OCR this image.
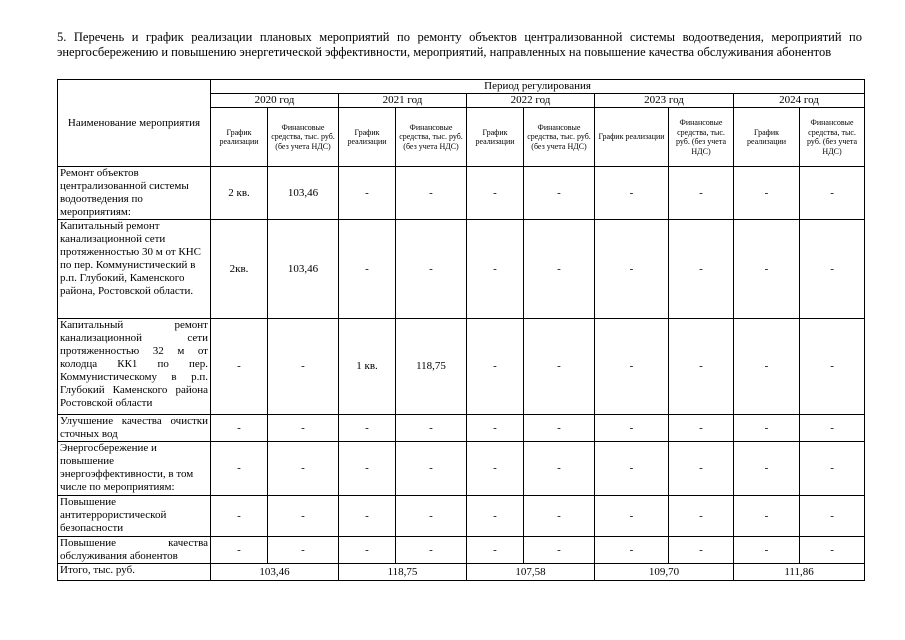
5. Перечень и график реализации плановых мероприятий по ремонту объектов централизованной системы водоотведения, мероприятий по энергосбережению и повышению энергетической эффективности, мероприятий, направленных на повышение качества обслуживания абонентов
Наименование мероприятия	Период регулирования									
	2020 год		2021 год		2022 год		2023 год		2024 год	
	График реализации	Финансовые средства, тыс. руб. (без учета НДС)	График реализации	Финансовые средства, тыс. руб. (без учета НДС)	График реализации	Финансовые средства, тыс. руб. (без учета НДС)	График реализации	Финансовые средства, тыс. руб. (без учета НДС)	График реализации	Финансовые средства, тыс. руб. (без учета НДС)
Ремонт объектов централизованной системы водоотведения по мероприятиям:	2 кв.	103,46	-	-	-	-	-	-	-	-
Капитальный ремонт канализационной сети протяженностью 30 м от КНС по пер. Коммунистический в р.п. Глубокий, Каменского района, Ростовской области.	2кв.	103,46	-	-	-	-	-	-	-	-
Капитальный ремонт канализационной сети протяженностью 32 м от колодца КК1 по пер. Коммунистическому в р.п. Глубокий Каменского района Ростовской области	-	-	1 кв.	118,75	-	-	-	-	-	-
Улучшение качества очистки сточных вод	-	-	-	-	-	-	-	-	-	-
Энергосбережение и повышение энергоэффективности, в том числе по мероприятиям:	-	-	-	-	-	-	-	-	-	-
Повышение антитеррористической безопасности	-	-	-	-	-	-	-	-	-	-
Повышение качества обслуживания абонентов	-	-	-	-	-	-	-	-	-	-
Итого, тыс. руб.	103,46		118,75		107,58		109,70		111,86	
